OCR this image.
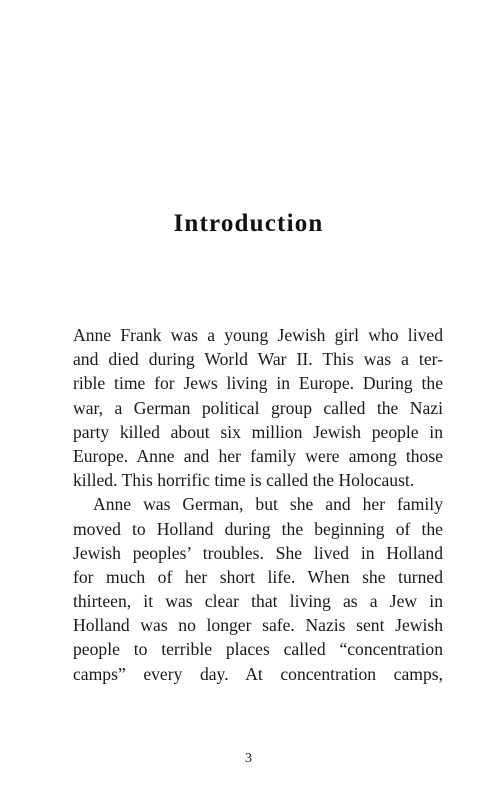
Introduction
Anne Frank was a young Jewish girl who lived
and died during World War II. This was a ter-
rible time for Jews living in Europe. During the
war, a German political group called the Nazi
party killed about six million Jewish people in
Europe. Anne and her family were among those
killed. This horrific time is called the Holocaust.
Anne was German, but she and her family
moved to Holland during the beginning of the
Jewish peoples’ troubles. She lived in Holland
for much of her short life. When she turned
thirteen, it was clear that living as a Jew in
Holland was no longer safe. Nazis sent Jewish
people to terrible places called “concentration
camps” every day. At concentration camps,
3
